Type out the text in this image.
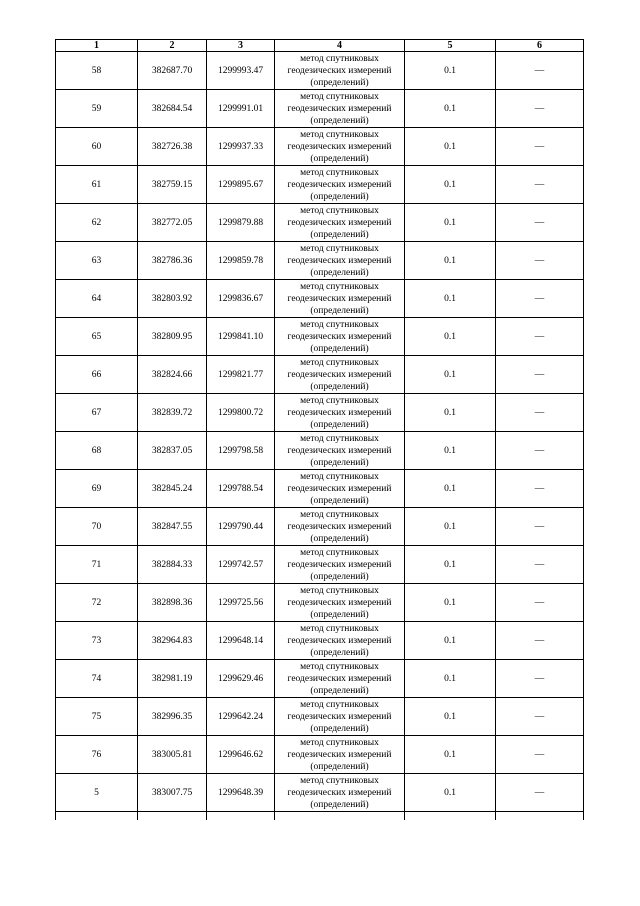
1	2	3	4	5	6
58	382687.70	1299993.47	метод спутниковых геодезических измерений (определений)	0.1	—
59	382684.54	1299991.01	метод спутниковых геодезических измерений (определений)	0.1	—
60	382726.38	1299937.33	метод спутниковых геодезических измерений (определений)	0.1	—
61	382759.15	1299895.67	метод спутниковых геодезических измерений (определений)	0.1	—
62	382772.05	1299879.88	метод спутниковых геодезических измерений (определений)	0.1	—
63	382786.36	1299859.78	метод спутниковых геодезических измерений (определений)	0.1	—
64	382803.92	1299836.67	метод спутниковых геодезических измерений (определений)	0.1	—
65	382809.95	1299841.10	метод спутниковых геодезических измерений (определений)	0.1	—
66	382824.66	1299821.77	метод спутниковых геодезических измерений (определений)	0.1	—
67	382839.72	1299800.72	метод спутниковых геодезических измерений (определений)	0.1	—
68	382837.05	1299798.58	метод спутниковых геодезических измерений (определений)	0.1	—
69	382845.24	1299788.54	метод спутниковых геодезических измерений (определений)	0.1	—
70	382847.55	1299790.44	метод спутниковых геодезических измерений (определений)	0.1	—
71	382884.33	1299742.57	метод спутниковых геодезических измерений (определений)	0.1	—
72	382898.36	1299725.56	метод спутниковых геодезических измерений (определений)	0.1	—
73	382964.83	1299648.14	метод спутниковых геодезических измерений (определений)	0.1	—
74	382981.19	1299629.46	метод спутниковых геодезических измерений (определений)	0.1	—
75	382996.35	1299642.24	метод спутниковых геодезических измерений (определений)	0.1	—
76	383005.81	1299646.62	метод спутниковых геодезических измерений (определений)	0.1	—
5	383007.75	1299648.39	метод спутниковых геодезических измерений (определений)	0.1	—
